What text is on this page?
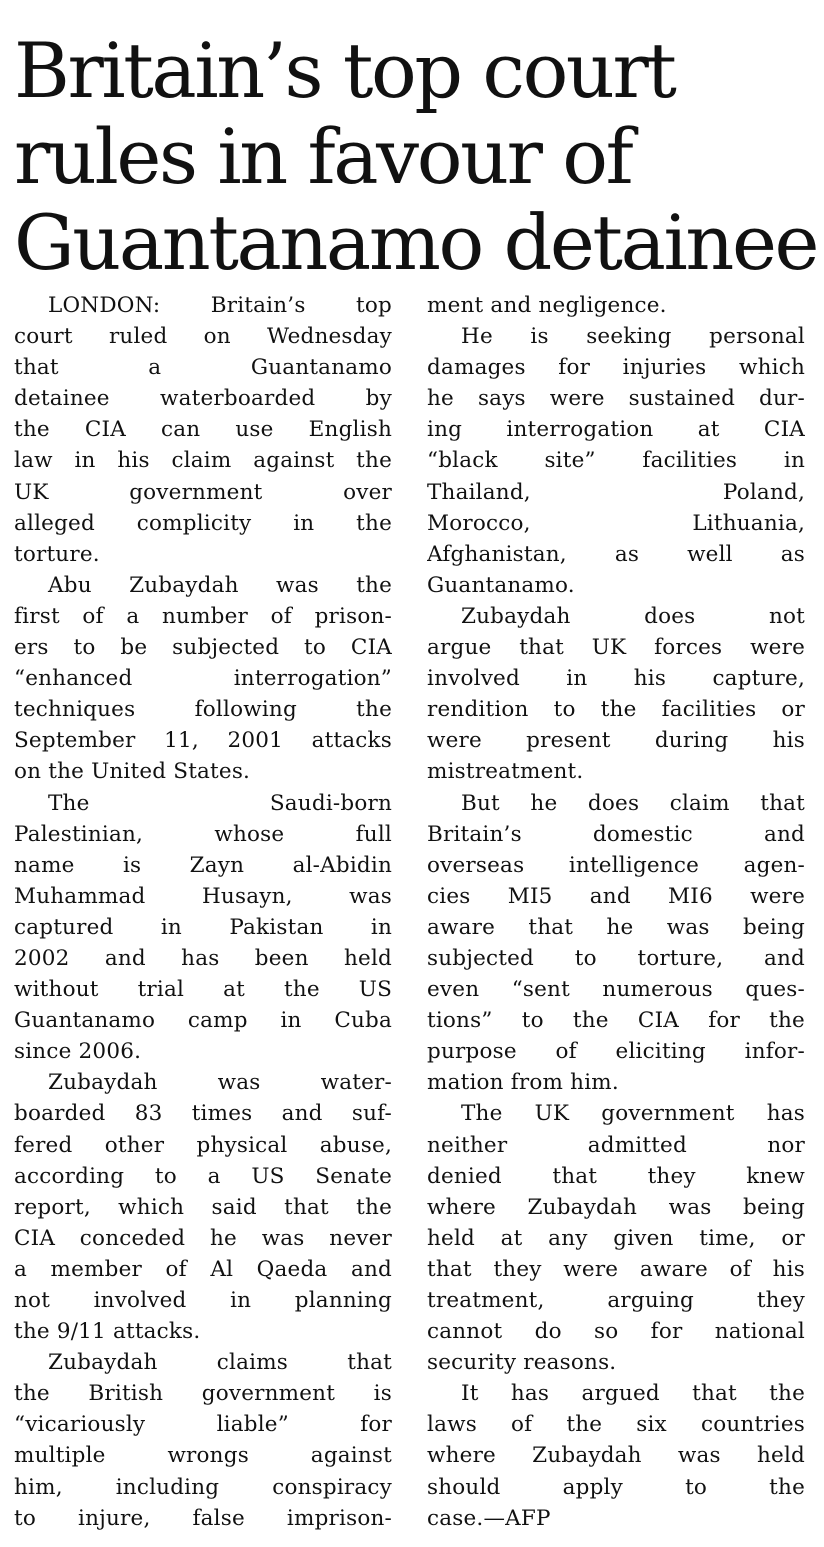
Britain’s top court
rules in favour of
Guantanamo detainee
LONDON: Britain’s top
court ruled on Wednesday
that a Guantanamo
detainee waterboarded by
the CIA can use English
law in his claim against the
UK government over
alleged complicity in the
torture.
Abu Zubaydah was the
first of a number of prison-
ers to be subjected to CIA
“enhanced interrogation”
techniques following the
September 11, 2001 attacks
on the United States.
The Saudi-born
Palestinian, whose full
name is Zayn al-Abidin
Muhammad Husayn, was
captured in Pakistan in
2002 and has been held
without trial at the US
Guantanamo camp in Cuba
since 2006.
Zubaydah was water-
boarded 83 times and suf-
fered other physical abuse,
according to a US Senate
report, which said that the
CIA conceded he was never
a member of Al Qaeda and
not involved in planning
the 9/11 attacks.
Zubaydah claims that
the British government is
“vicariously liable” for
multiple wrongs against
him, including conspiracy
to injure, false imprison-
ment and negligence.
He is seeking personal
damages for injuries which
he says were sustained dur-
ing interrogation at CIA
“black site” facilities in
Thailand, Poland,
Morocco, Lithuania,
Afghanistan, as well as
Guantanamo.
Zubaydah does not
argue that UK forces were
involved in his capture,
rendition to the facilities or
were present during his
mistreatment.
But he does claim that
Britain’s domestic and
overseas intelligence agen-
cies MI5 and MI6 were
aware that he was being
subjected to torture, and
even “sent numerous ques-
tions” to the CIA for the
purpose of eliciting infor-
mation from him.
The UK government has
neither admitted nor
denied that they knew
where Zubaydah was being
held at any given time, or
that they were aware of his
treatment, arguing they
cannot do so for national
security reasons.
It has argued that the
laws of the six countries
where Zubaydah was held
should apply to the
case.—AFP
